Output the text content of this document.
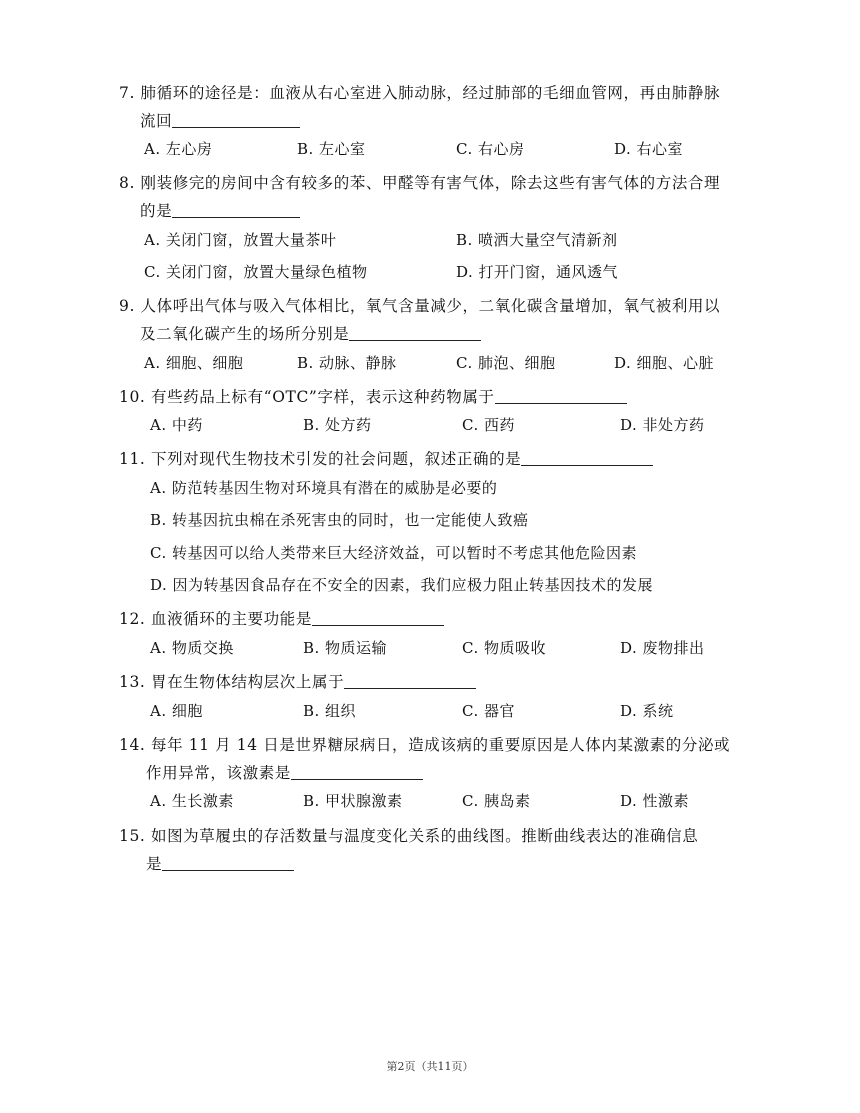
7. 肺循环的途径是：血液从右心室进入肺动脉，经过肺部的毛细血管网，再由肺静脉
流回
A. 左心房	B. 左心室	C. 右心房	D. 右心室
8. 刚装修完的房间中含有较多的苯、甲醛等有害气体，除去这些有害气体的方法合理
的是
A. 关闭门窗，放置大量茶叶	B. 喷洒大量空气清新剂
C. 关闭门窗，放置大量绿色植物	D. 打开门窗，通风透气
9. 人体呼出气体与吸入气体相比，氧气含量减少，二氧化碳含量增加，氧气被利用以
及二氧化碳产生的场所分别是
A. 细胞、细胞	B. 动脉、静脉	C. 肺泡、细胞	D. 细胞、心脏
10. 有些药品上标有“OTC”字样，表示这种药物属于
A. 中药	B. 处方药	C. 西药	D. 非处方药
11. 下列对现代生物技术引发的社会问题，叙述正确的是
A. 防范转基因生物对环境具有潜在的威胁是必要的
B. 转基因抗虫棉在杀死害虫的同时，也一定能使人致癌
C. 转基因可以给人类带来巨大经济效益，可以暂时不考虑其他危险因素
D. 因为转基因食品存在不安全的因素，我们应极力阻止转基因技术的发展
12. 血液循环的主要功能是
A. 物质交换	B. 物质运输	C. 物质吸收	D. 废物排出
13. 胃在生物体结构层次上属于
A. 细胞	B. 组织	C. 器官	D. 系统
14. 每年 11 月 14 日是世界糖尿病日，造成该病的重要原因是人体内某激素的分泌或
作用异常，该激素是
A. 生长激素	B. 甲状腺激素	C. 胰岛素	D. 性激素
15. 如图为草履虫的存活数量与温度变化关系的曲线图。推断曲线表达的准确信息
是
第2页（共11页）
